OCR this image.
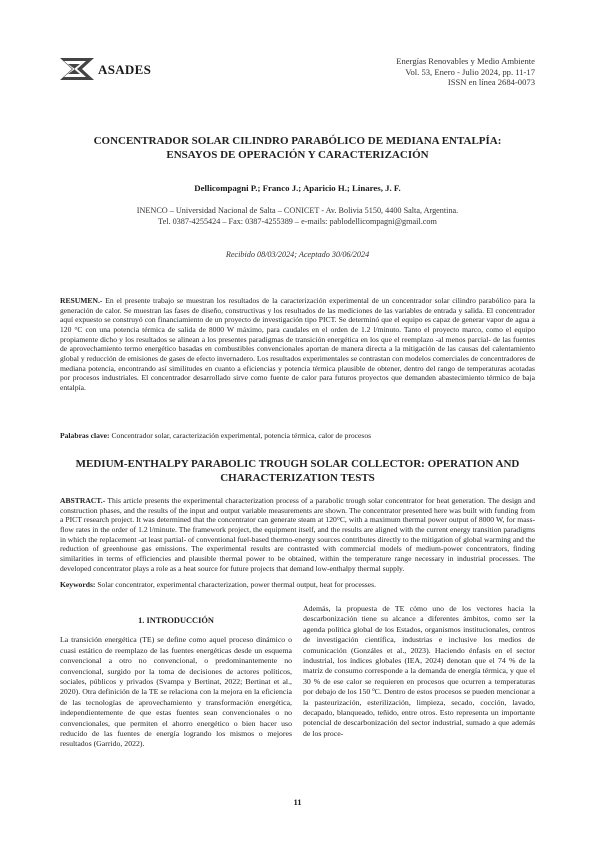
ASADES
Energías Renovables y Medio Ambiente
Vol. 53, Enero - Julio 2024, pp. 11-17
ISSN en línea 2684-0073
CONCENTRADOR SOLAR CILINDRO PARABÓLICO DE MEDIANA ENTALPÍA:
ENSAYOS DE OPERACIÓN Y CARACTERIZACIÓN
Dellicompagni P.; Franco J.; Aparicio H.; Linares, J. F.
INENCO – Universidad Nacional de Salta – CONICET - Av. Bolivia 5150, 4400 Salta, Argentina.
Tel. 0387-4255424 – Fax: 0387-4255389 – e-mails: pablodellicompagni@gmail.com
Recibido 08/03/2024; Aceptado 30/06/2024
RESUMEN.- En el presente trabajo se muestran los resultados de la caracterización experimental de un concentrador solar cilindro parabólico para la generación de calor. Se muestran las fases de diseño, constructivas y los resultados de las mediciones de las variables de entrada y salida. El concentrador aquí expuesto se construyó con financiamiento de un proyecto de investigación tipo PICT. Se determinó que el equipo es capaz de generar vapor de agua a 120 °C con una potencia térmica de salida de 8000 W máximo, para caudales en el orden de 1.2 l/minuto. Tanto el proyecto marco, como el equipo propiamente dicho y los resultados se alinean a los presentes paradigmas de transición energética en los que el reemplazo -al menos parcial- de las fuentes de aprovechamiento termo energético basadas en combustibles convencionales aportan de manera directa a la mitigación de las causas del calentamiento global y reducción de emisiones de gases de efecto invernadero. Los resultados experimentales se contrastan con modelos comerciales de concentradores de mediana potencia, encontrando así similitudes en cuanto a eficiencias y potencia térmica plausible de obtener, dentro del rango de temperaturas acotadas por procesos industriales. El concentrador desarrollado sirve como fuente de calor para futuros proyectos que demanden abastecimiento térmico de baja entalpía.
Palabras clave: Concentrador solar, caracterización experimental, potencia térmica, calor de procesos
MEDIUM-ENTHALPY PARABOLIC TROUGH SOLAR COLLECTOR: OPERATION AND
CHARACTERIZATION TESTS
ABSTRACT.- This article presents the experimental characterization process of a parabolic trough solar concentrator for heat generation. The design and construction phases, and the results of the input and output variable measurements are shown. The concentrator presented here was built with funding from a PICT research project. It was determined that the concentrator can generate steam at 120°C, with a maximum thermal power output of 8000 W, for mass-flow rates in the order of 1.2 l/minute. The framework project, the equipment itself, and the results are aligned with the current energy transition paradigms in which the replacement -at least partial- of conventional fuel-based thermo-energy sources contributes directly to the mitigation of global warming and the reduction of greenhouse gas emissions. The experimental results are contrasted with commercial models of medium-power concentrators, finding similarities in terms of efficiencies and plausible thermal power to be obtained, within the temperature range necessary in industrial processes. The developed concentrator plays a role as a heat source for future projects that demand low-enthalpy thermal supply.
Keywords: Solar concentrator, experimental characterization, power thermal output, heat for processes.
1. INTRODUCCIÓN
La transición energética (TE) se define como aquel proceso dinámico o cuasi estático de reemplazo de las fuentes energéticas desde un esquema convencional a otro no convencional, o predominantemente no convencional, surgido por la toma de decisiones de actores políticos, sociales, públicos y privados (Svampa y Bertinat, 2022; Bertinat et al., 2020). Otra definición de la TE se relaciona con la mejora en la eficiencia de las tecnologías de aprovechamiento y transformación energética, independientemente de que estas fuentes sean convencionales o no convencionales, que permiten el ahorro energético o bien hacer uso reducido de las fuentes de energía logrando los mismos o mejores resultados (Garrido, 2022).
Además, la propuesta de TE cómo uno de los vectores hacia la descarbonización tiene su alcance a diferentes ámbitos, como ser la agenda política global de los Estados, organismos institucionales, centros de investigación científica, industrias e inclusive los medios de comunicación (Gonzáles et al., 2023). Haciendo énfasis en el sector industrial, los índices globales (IEA, 2024) denotan que el 74 % de la matriz de consumo corresponde a la demanda de energía térmica, y que el 30 % de ese calor se requieren en procesos que ocurren a temperaturas por debajo de los 150 ºC. Dentro de estos procesos se pueden mencionar a la pasteurización, esterilización, limpieza, secado, cocción, lavado, decapado, blanqueado, teñido, entre otros. Esto representa un importante potencial de descarbonización del sector industrial, sumado a que además de los proce-
11
